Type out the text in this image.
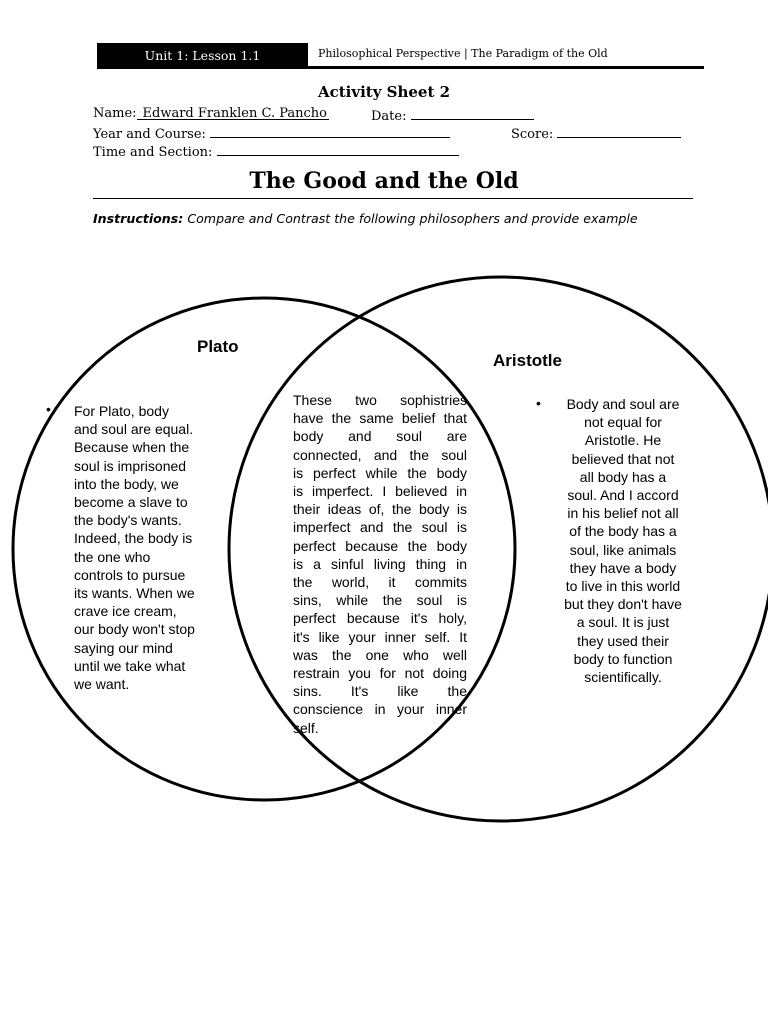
Unit 1: Lesson 1.1	Philosophical Perspective | The Paradigm of the Old
Activity Sheet 2
Name: Edward Franklen C. Pancho	Date:
Year and Course:	Score:
Time and Section:
The Good and the Old
Instructions: Compare and Contrast the following philosophers and provide example
Plato
Aristotle
• For Plato, body
and soul are equal.
Because when the
soul is imprisoned
into the body, we
become a slave to
the body's wants.
Indeed, the body is
the one who
controls to pursue
its wants. When we
crave ice cream,
our body won't stop
saying our mind
until we take what
we want.
These two sophistries
have the same belief that
body and soul are
connected, and the soul
is perfect while the body
is imperfect. I believed in
their ideas of, the body is
imperfect and the soul is
perfect because the body
is a sinful living thing in
the world, it commits
sins, while the soul is
perfect because it's holy,
it's like your inner self. It
was the one who well
restrain you for not doing
sins. It's like the
conscience in your inner
self.
•	Body and soul are
not equal for
Aristotle. He
believed that not
all body has a
soul. And I accord
in his belief not all
of the body has a
soul, like animals
they have a body
to live in this world
but they don't have
a soul. It is just
they used their
body to function
scientifically.
